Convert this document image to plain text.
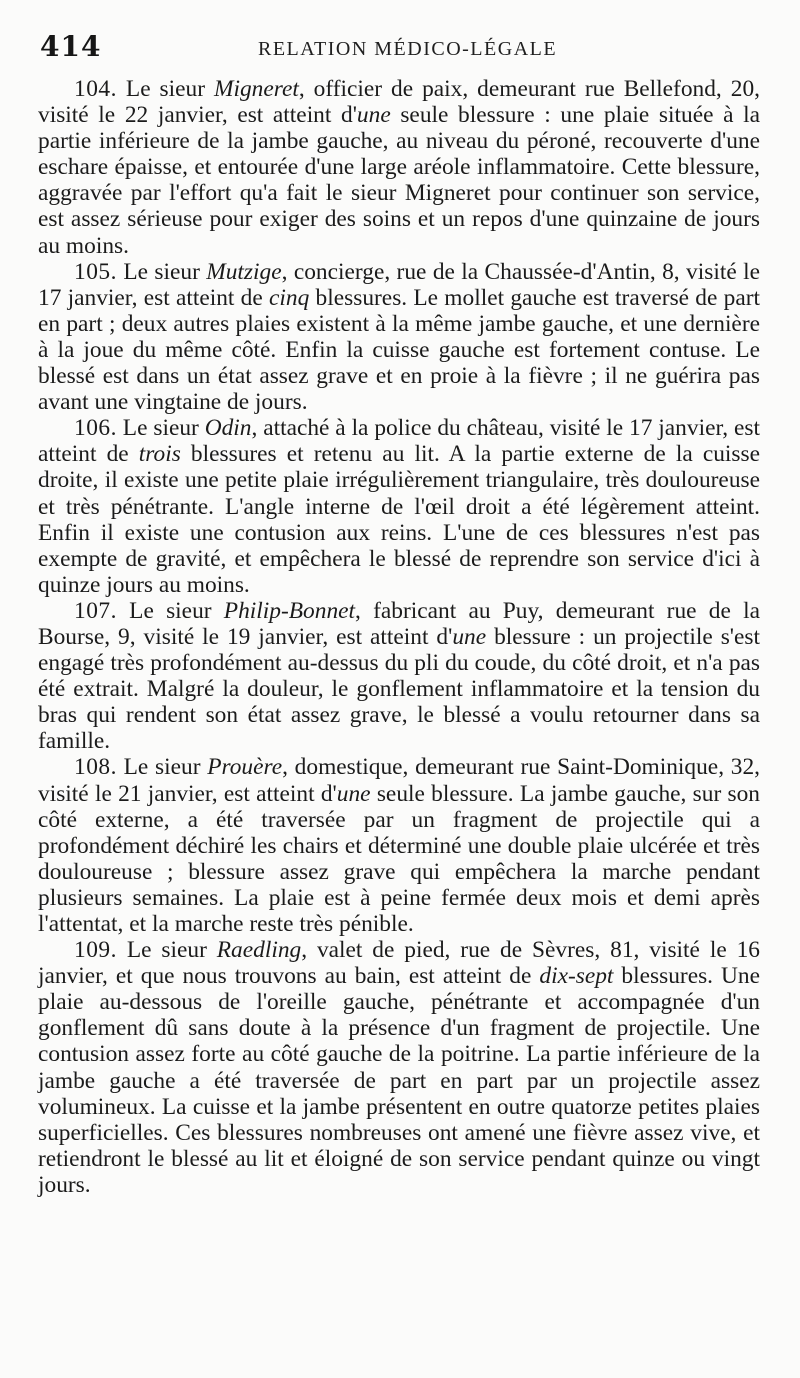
414	RELATION MÉDICO-LÉGALE

104. Le sieur Migneret, officier de paix, demeurant rue Bellefond, 20, visité le 22 janvier, est atteint d'une seule blessure : une plaie située à la partie inférieure de la jambe gauche, au niveau du péroné, recouverte d'une eschare épaisse, et entourée d'une large aréole inflammatoire. Cette blessure, aggravée par l'effort qu'a fait le sieur Migneret pour continuer son service, est assez sérieuse pour exiger des soins et un repos d'une quinzaine de jours au moins.

105. Le sieur Mutzige, concierge, rue de la Chaussée-d'Antin, 8, visité le 17 janvier, est atteint de cinq blessures. Le mollet gauche est traversé de part en part ; deux autres plaies existent à la même jambe gauche, et une dernière à la joue du même côté. Enfin la cuisse gauche est fortement contuse. Le blessé est dans un état assez grave et en proie à la fièvre ; il ne guérira pas avant une vingtaine de jours.

106. Le sieur Odin, attaché à la police du château, visité le 17 janvier, est atteint de trois blessures et retenu au lit. A la partie externe de la cuisse droite, il existe une petite plaie irrégulièrement triangulaire, très douloureuse et très pénétrante. L'angle interne de l'œil droit a été légèrement atteint. Enfin il existe une contusion aux reins. L'une de ces blessures n'est pas exempte de gravité, et empêchera le blessé de reprendre son service d'ici à quinze jours au moins.

107. Le sieur Philip-Bonnet, fabricant au Puy, demeurant rue de la Bourse, 9, visité le 19 janvier, est atteint d'une blessure : un projectile s'est engagé très profondément au-dessus du pli du coude, du côté droit, et n'a pas été extrait. Malgré la douleur, le gonflement inflammatoire et la tension du bras qui rendent son état assez grave, le blessé a voulu retourner dans sa famille.

108. Le sieur Prouère, domestique, demeurant rue Saint-Dominique, 32, visité le 21 janvier, est atteint d'une seule blessure. La jambe gauche, sur son côté externe, a été traversée par un fragment de projectile qui a profondément déchiré les chairs et déterminé une double plaie ulcérée et très douloureuse ; blessure assez grave qui empêchera la marche pendant plusieurs semaines. La plaie est à peine fermée deux mois et demi après l'attentat, et la marche reste très pénible.

109. Le sieur Raedling, valet de pied, rue de Sèvres, 81, visité le 16 janvier, et que nous trouvons au bain, est atteint de dix-sept blessures. Une plaie au-dessous de l'oreille gauche, pénétrante et accompagnée d'un gonflement dû sans doute à la présence d'un fragment de projectile. Une contusion assez forte au côté gauche de la poitrine. La partie inférieure de la jambe gauche a été traversée de part en part par un projectile assez volumineux. La cuisse et la jambe présentent en outre quatorze petites plaies superficielles. Ces blessures nombreuses ont amené une fièvre assez vive, et retiendront le blessé au lit et éloigné de son service pendant quinze ou vingt jours.
